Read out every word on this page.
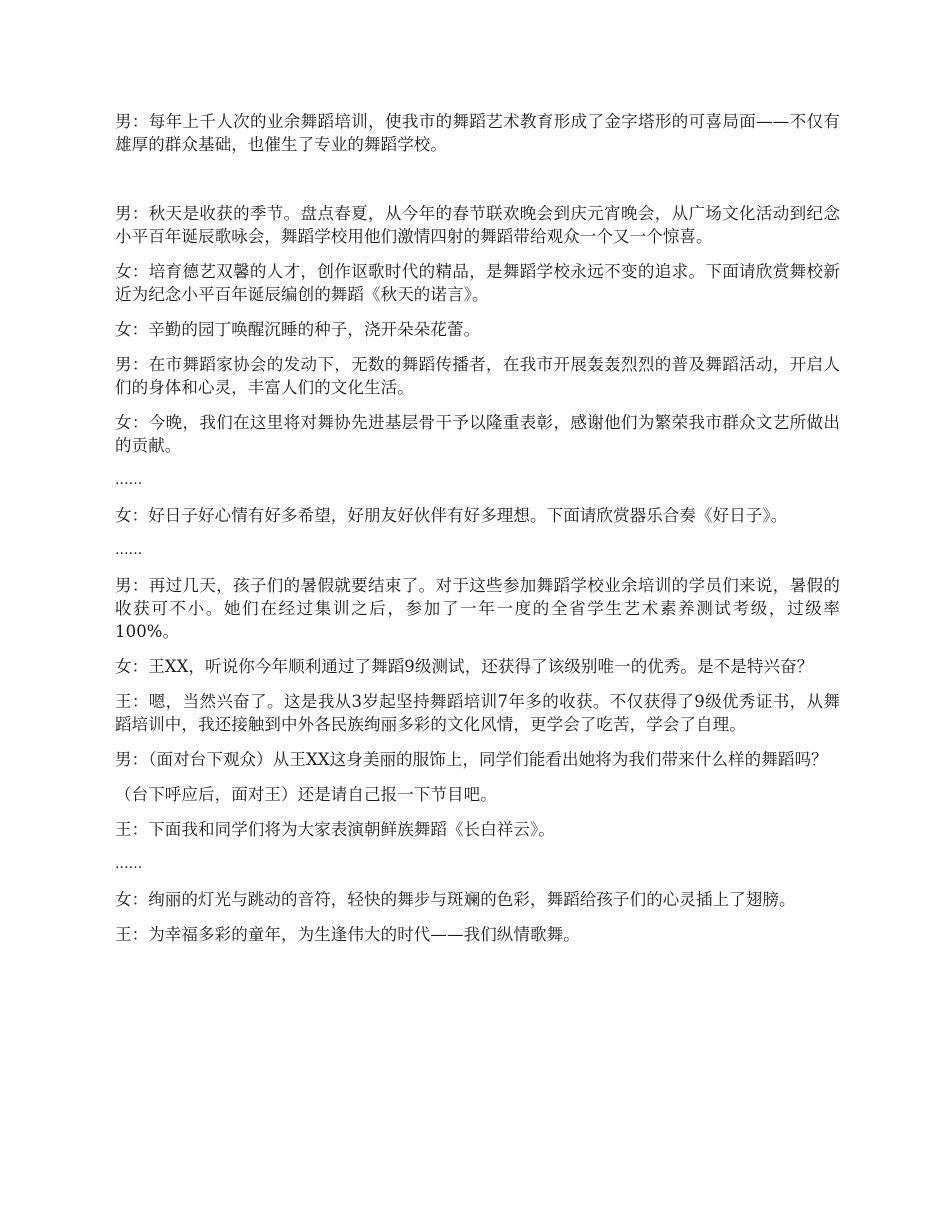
男：每年上千人次的业余舞蹈培训，使我市的舞蹈艺术教育形成了金字塔形的可喜局面——不仅有雄厚的群众基础，也催生了专业的舞蹈学校。

男：秋天是收获的季节。盘点春夏，从今年的春节联欢晚会到庆元宵晚会，从广场文化活动到纪念小平百年诞辰歌咏会，舞蹈学校用他们激情四射的舞蹈带给观众一个又一个惊喜。

女：培育德艺双馨的人才，创作讴歌时代的精品，是舞蹈学校永远不变的追求。下面请欣赏舞校新近为纪念小平百年诞辰编创的舞蹈《秋天的诺言》。

女：辛勤的园丁唤醒沉睡的种子，浇开朵朵花蕾。

男：在市舞蹈家协会的发动下，无数的舞蹈传播者，在我市开展轰轰烈烈的普及舞蹈活动，开启人们的身体和心灵，丰富人们的文化生活。

女：今晚，我们在这里将对舞协先进基层骨干予以隆重表彰，感谢他们为繁荣我市群众文艺所做出的贡献。

......

女：好日子好心情有好多希望，好朋友好伙伴有好多理想。下面请欣赏器乐合奏《好日子》。

......

男：再过几天，孩子们的暑假就要结束了。对于这些参加舞蹈学校业余培训的学员们来说，暑假的收获可不小。她们在经过集训之后，参加了一年一度的全省学生艺术素养测试考级，过级率100%。

女：王XX，听说你今年顺利通过了舞蹈9级测试，还获得了该级别唯一的优秀。是不是特兴奋？

王：嗯，当然兴奋了。这是我从3岁起坚持舞蹈培训7年多的收获。不仅获得了9级优秀证书，从舞蹈培训中，我还接触到中外各民族绚丽多彩的文化风情，更学会了吃苦，学会了自理。

男：（面对台下观众）从王XX这身美丽的服饰上，同学们能看出她将为我们带来什么样的舞蹈吗？

（台下呼应后，面对王）还是请自己报一下节目吧。

王：下面我和同学们将为大家表演朝鲜族舞蹈《长白祥云》。

......

女：绚丽的灯光与跳动的音符，轻快的舞步与斑斓的色彩，舞蹈给孩子们的心灵插上了翅膀。

王：为幸福多彩的童年，为生逢伟大的时代——我们纵情歌舞。
